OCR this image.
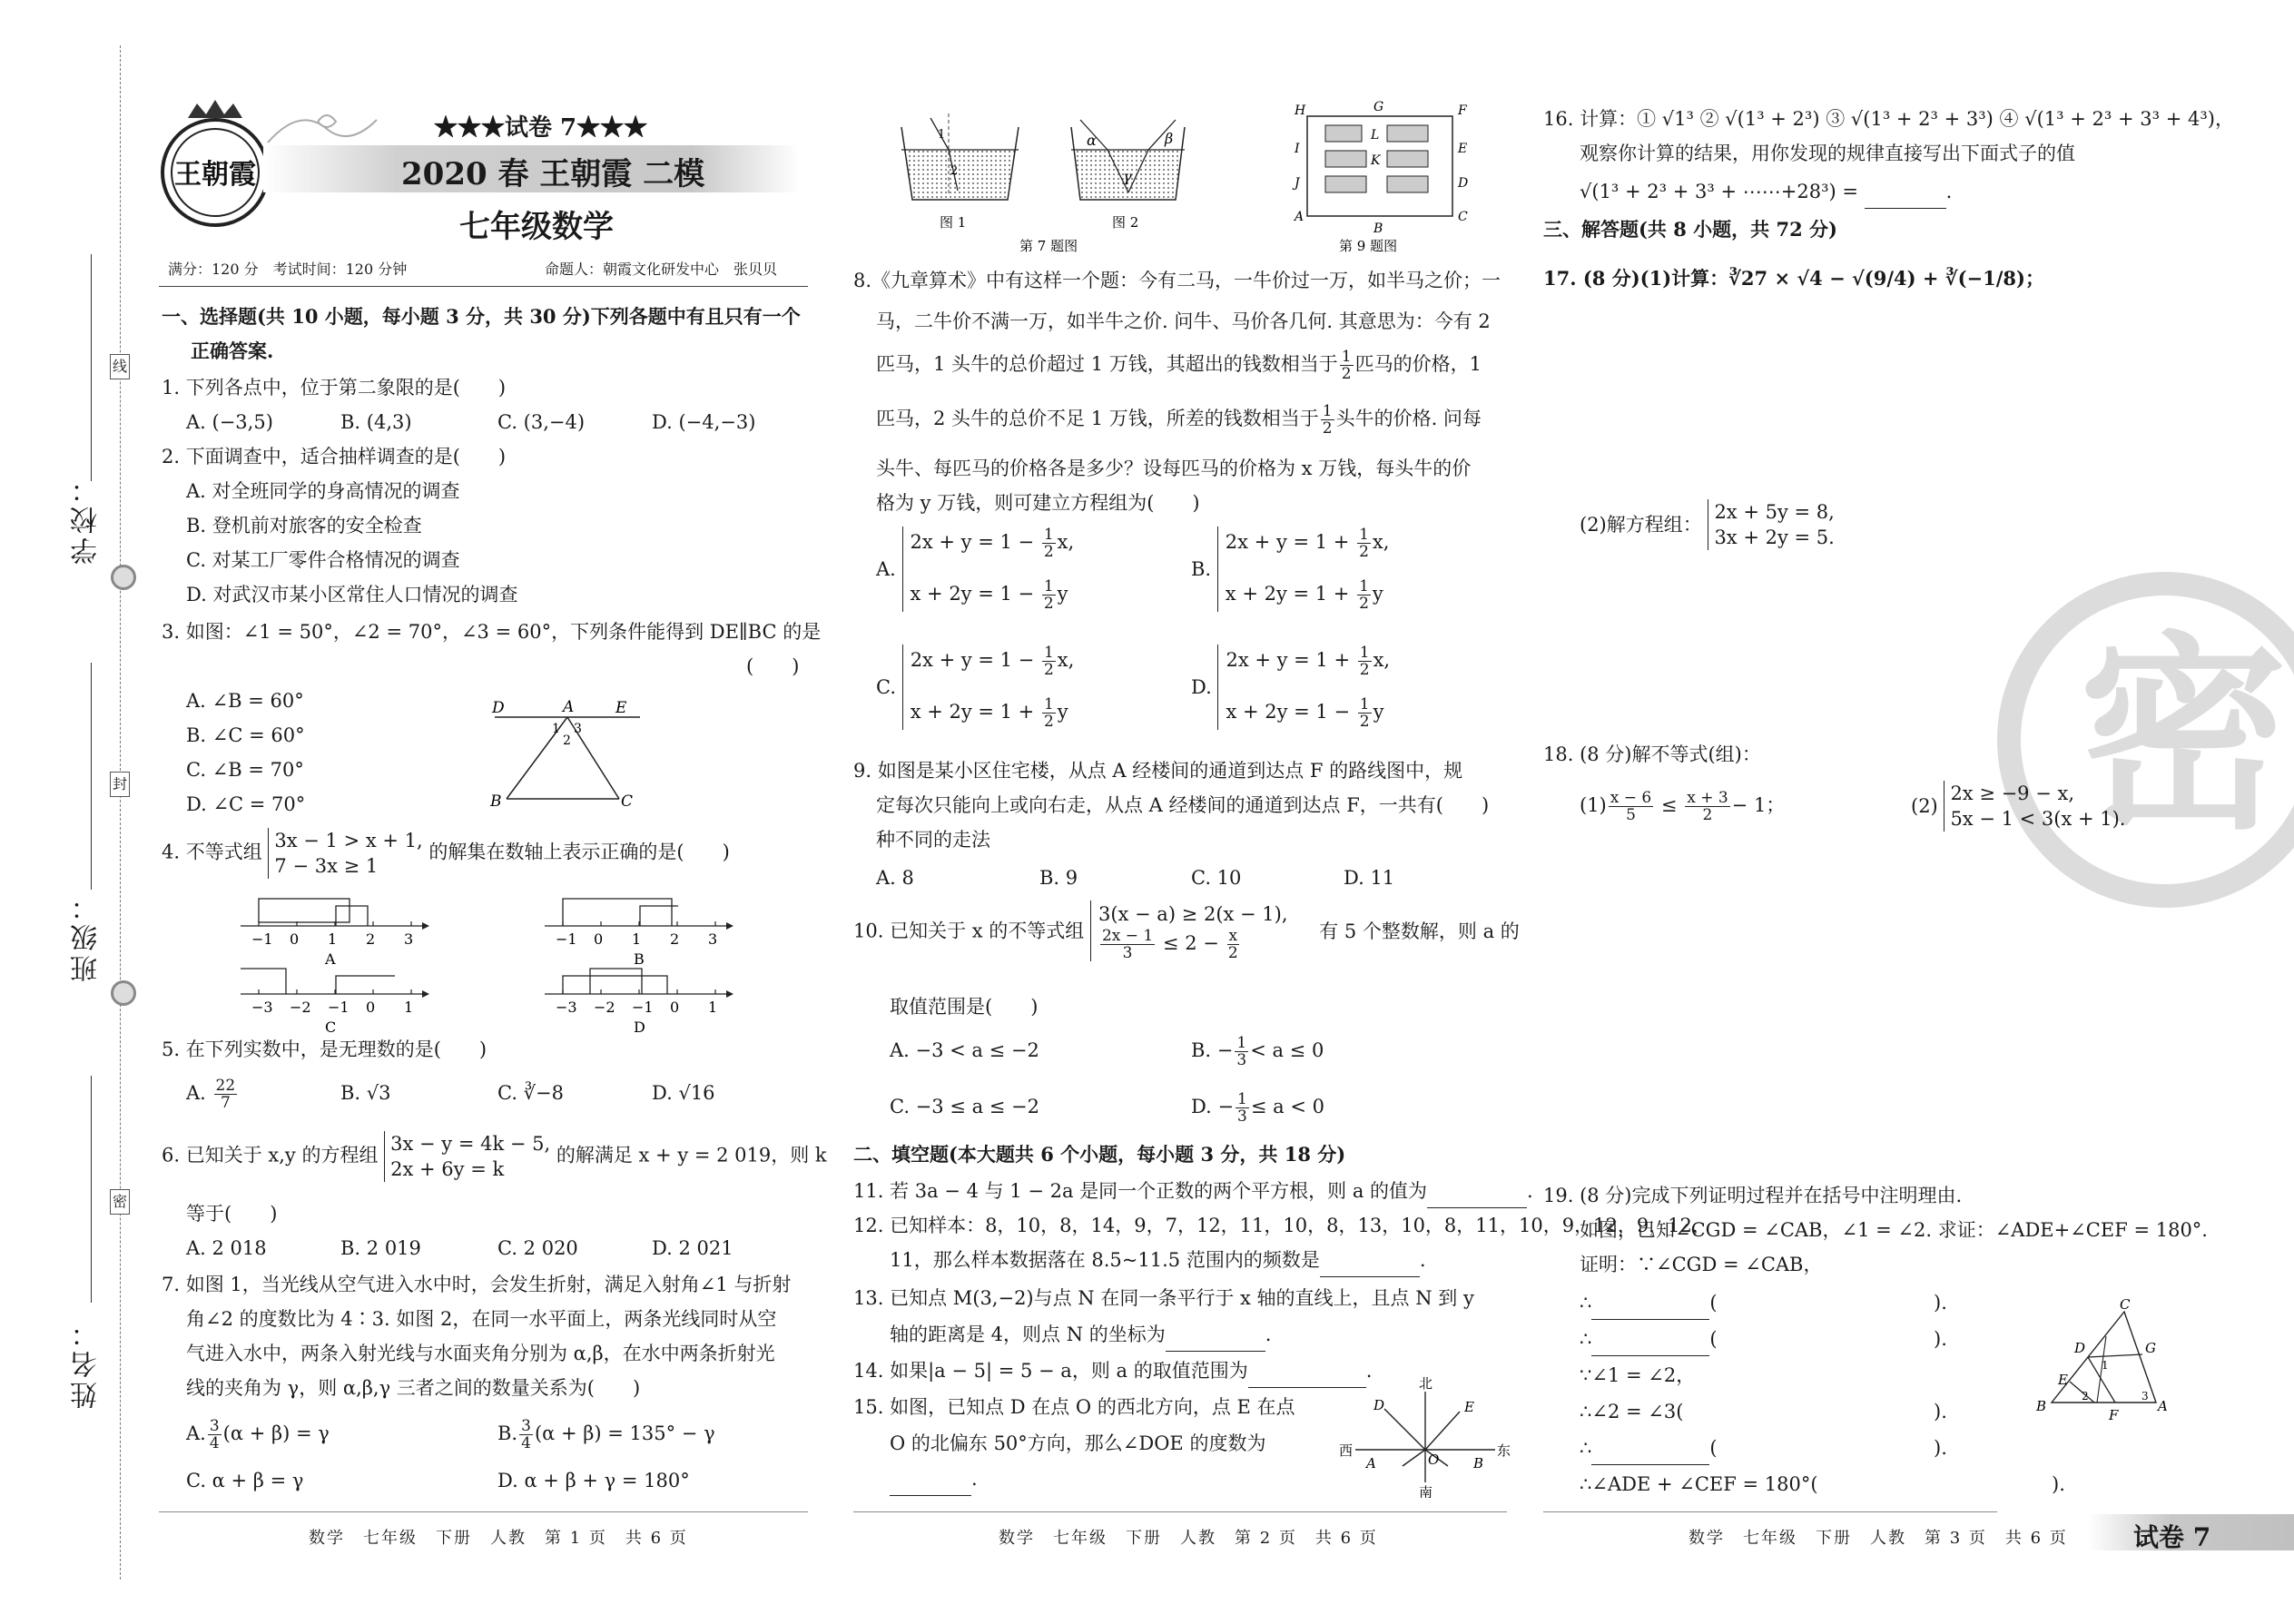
学校：
班级：
姓名：
线
封
密
王朝霞
★★★试卷 7★★★
2020 春 王朝霞 二模
七年级数学
满分：120 分　考试时间：120 分钟	命题人：朝霞文化研发中心　张贝贝
一、选择题(共 10 小题，每小题 3 分，共 30 分)下列各题中有且只有一个
正确答案.
1. 下列各点中，位于第二象限的是(　　)
A. (−3,5)	B. (4,3)	C. (3,−4)	D. (−4,−3)
2. 下面调查中，适合抽样调查的是(　　)
A. 对全班同学的身高情况的调查
B. 登机前对旅客的安全检查
C. 对某工厂零件合格情况的调查
D. 对武汉市某小区常住人口情况的调查
3. 如图：∠1 = 50°，∠2 = 70°，∠3 = 60°，下列条件能得到 DE∥BC 的是
(　　)
A. ∠B = 60°
B. ∠C = 60°
C. ∠B = 70°
D. ∠C = 70°
D	A	E
B	C
1
2
3
4. 不等式组
3x − 1 > x + 1,
7 − 3x ≥ 1
的解集在数轴上表示正确的是(　　)
A	B
C	D
−1 0 1 2 3	−1 0 1 2 3
−3 −2 −1 0 1	−3 −2 −1 0 1
5. 在下列实数中，是无理数的是(　　)
A. $\frac{22}{7}$	B. √3	C. ∛−8	D. √16
6. 已知关于 x,y 的方程组
3x − y = 4k − 5,
2x + 6y = k
的解满足 x + y = 2 019，则 k
等于(　　)
A. 2 018	B. 2 019	C. 2 020	D. 2 021
7. 如图 1，当光线从空气进入水中时，会发生折射，满足入射角∠1 与折射
角∠2 的度数比为 4∶3. 如图 2，在同一水平面上，两条光线同时从空
气进入水中，两条入射光线与水面夹角分别为 α,β，在水中两条折射光
线的夹角为 γ，则 α,β,γ 三者之间的数量关系为(　　)
A. $\frac{3}{4} (\alpha + \beta) = \gamma$	B. $\frac{3}{4} (\alpha + \beta) = 135^\circ - \gamma$
C. α + β = γ	D. α + β + γ = 180°
数学　七年级　下册　人教　第 1 页　共 6 页
1
2
图 1
α	β
γ
图 2
第 7 题图
H	G	F
I
L
E
J
K
D
A
B
C
第 9 题图
8.《九章算术》中有这样一个题：今有二马，一牛价过一万，如半马之价；一
马，二牛价不满一万，如半牛之价. 问牛、马价各几何. 其意思为：今有 2
匹马，1 头牛的总价超过 1 万钱，其超出的钱数相当于 $\frac{1}{2}$ 匹马的价格，1
匹马，2 头牛的总价不足 1 万钱，所差的钱数相当于 $\frac{1}{2}$ 头牛的价格. 问每
头牛、每匹马的价格各是多少？设每匹马的价格为 x 万钱，每头牛的价
格为 y 万钱，则可建立方程组为(　　)
A.
$2x + y = 1 - \frac{1}{2} x$,
$x + 2y = 1 - \frac{1}{2}$ y
B.
$2x + y = 1 + \frac{1}{2} x$,
$x + 2y = 1 + \frac{1}{2}$ y
C.
$2x + y = 1 - \frac{1}{2} x$,
$x + 2y = 1 + \frac{1}{2}$ y
D.
$2x + y = 1 + \frac{1}{2} x$,
$x + 2y = 1 - \frac{1}{2}$ y
9. 如图是某小区住宅楼，从点 A 经楼间的通道到达点 F 的路线图中，规
定每次只能向上或向右走，从点 A 经楼间的通道到达点 F，一共有(　　)
种不同的走法
A. 8	B. 9	C. 10	D. 11
10. 已知关于 x 的不等式组
3(x − a) ≥ 2(x − 1),
$\frac{2x - 1}{3} \le 2 - \frac{x}{2}$	有 5 个整数解，则 a 的
取值范围是(　　)
A. −3 < a ≤ −2	B. − $\frac{1}{3} < a \le 0$
C. −3 ≤ a ≤ −2	D. − $\frac{1}{3} \le a < 0$
二、填空题(本大题共 6 个小题，每小题 3 分，共 18 分)
11. 若 3a − 4 与 1 − 2a 是同一个正数的两个平方根，则 a 的值为	.
12. 已知样本：8，10，8，14，9，7，12，11，10，8，13，10，8，11，10，9，12，9，12，
11，那么样本数据落在 8.5~11.5 范围内的频数是	.
13. 已知点 M(3,−2)与点 N 在同一条平行于 x 轴的直线上，且点 N 到 y
轴的距离是 4，则点 N 的坐标为	.
14. 如果|a − 5| = 5 − a，则 a 的取值范围为	.
15. 如图，已知点 D 在点 O 的西北方向，点 E 在点
O 的北偏东 50°方向，那么∠DOE 的度数为
.
北
南
西	东
D	E
O
A	B
数学　七年级　下册　人教　第 2 页　共 6 页
密
16. 计算：① √1³ ② √(1³ + 2³) ③ √(1³ + 2³ + 3³) ④ √(1³ + 2³ + 3³ + 4³)，
观察你计算的结果，用你发现的规律直接写出下面式子的值
√(1³ + 2³ + 3³ + ⋯⋯+28³) =	.
三、解答题(共 8 小题，共 72 分)
17. (8 分)(1)计算：∛27 × √4 − √(9/4) + ∛(−1/8)；
(2)解方程组：
2x + 5y = 8,
3x + 2y = 5.
18. (8 分)解不等式(组)：
$(1) \frac{x - 6}{5} \le \frac{x + 3}{2} - 1$；	(2)
2x ≥ −9 − x,
5x − 1 < 3(x + 1).
19. (8 分)完成下列证明过程并在括号中注明理由.
如图，已知∠CGD = ∠CAB，∠1 = ∠2. 求证：∠ADE+∠CEF = 180°.
证明：∵∠CGD = ∠CAB，
∴	(	).
∴	(	).
∵∠1 = ∠2，
∴∠2 = ∠3(	).
∴	(	).
∴∠ADE + ∠CEF = 180°(	).
C
D	G
E
B
F
A
1
2	3
数学　七年级　下册　人教　第 3 页　共 6 页	试卷 7
